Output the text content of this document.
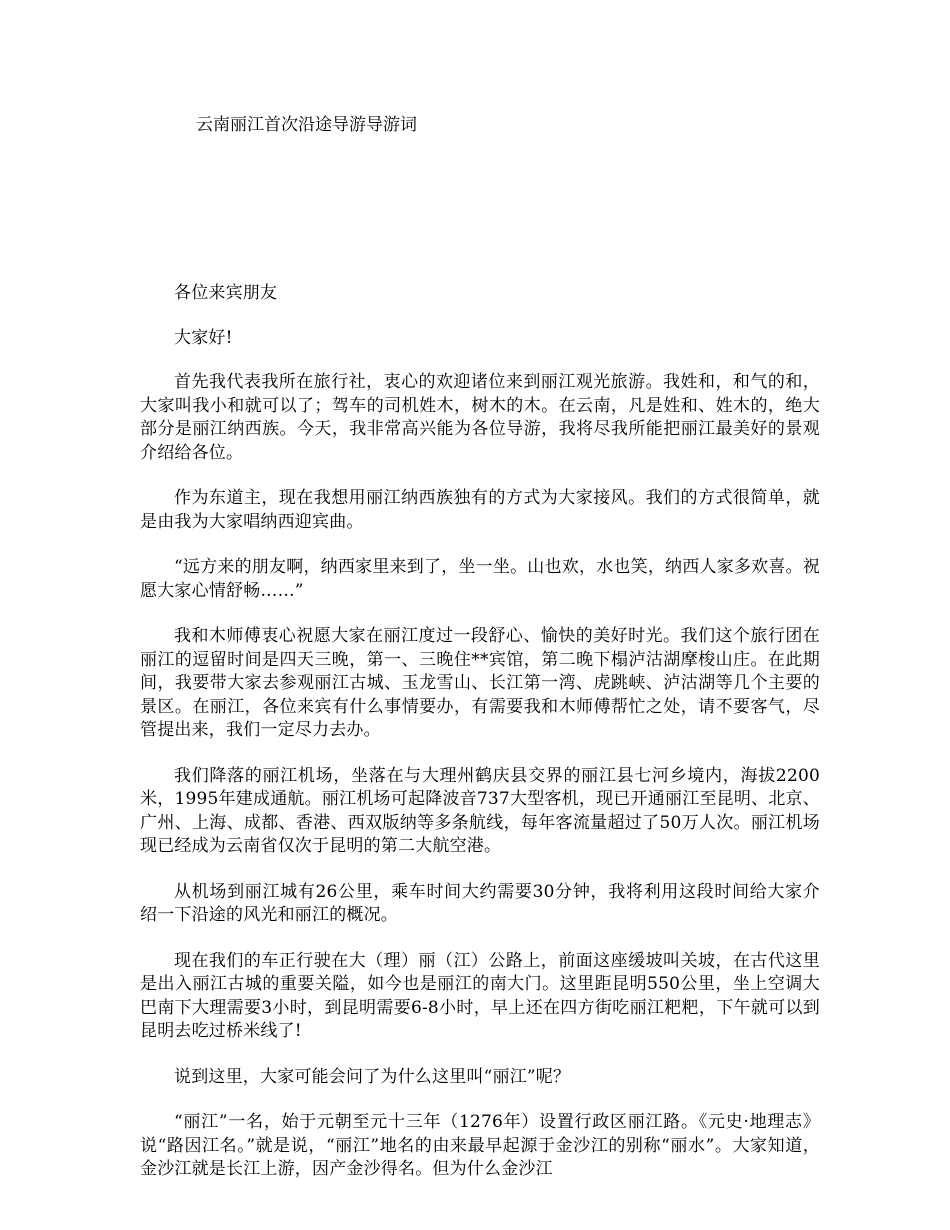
云南丽江首次沿途导游导游词

各位来宾朋友

大家好!

首先我代表我所在旅行社，衷心的欢迎诸位来到丽江观光旅游。我姓和，和气的和，大家叫我小和就可以了；驾车的司机姓木，树木的木。在云南，凡是姓和、姓木的，绝大部分是丽江纳西族。今天，我非常高兴能为各位导游，我将尽我所能把丽江最美好的景观介绍给各位。

作为东道主，现在我想用丽江纳西族独有的方式为大家接风。我们的方式很简单，就是由我为大家唱纳西迎宾曲。

“远方来的朋友啊，纳西家里来到了，坐一坐。山也欢，水也笑，纳西人家多欢喜。祝愿大家心情舒畅……”

我和木师傅衷心祝愿大家在丽江度过一段舒心、愉快的美好时光。我们这个旅行团在丽江的逗留时间是四天三晚，第一、三晚住**宾馆，第二晚下榻泸沽湖摩梭山庄。在此期间，我要带大家去参观丽江古城、玉龙雪山、长江第一湾、虎跳峡、泸沽湖等几个主要的景区。在丽江，各位来宾有什么事情要办，有需要我和木师傅帮忙之处，请不要客气，尽管提出来，我们一定尽力去办。

我们降落的丽江机场，坐落在与大理州鹤庆县交界的丽江县七河乡境内，海拔2200米，1995年建成通航。丽江机场可起降波音737大型客机，现已开通丽江至昆明、北京、广州、上海、成都、香港、西双版纳等多条航线，每年客流量超过了50万人次。丽江机场现已经成为云南省仅次于昆明的第二大航空港。

从机场到丽江城有26公里，乘车时间大约需要30分钟，我将利用这段时间给大家介绍一下沿途的风光和丽江的概况。

现在我们的车正行驶在大（理）丽（江）公路上，前面这座缓坡叫关坡，在古代这里是出入丽江古城的重要关隘，如今也是丽江的南大门。这里距昆明550公里，坐上空调大巴南下大理需要3小时，到昆明需要6-8小时，早上还在四方街吃丽江粑粑，下午就可以到昆明去吃过桥米线了!

说到这里，大家可能会问了为什么这里叫“丽江”呢？

“丽江”一名，始于元朝至元十三年（1276年）设置行政区丽江路。《元史·地理志》说“路因江名。”就是说，“丽江”地名的由来最早起源于金沙江的别称“丽水”。大家知道，金沙江就是长江上游，因产金沙得名。但为什么金沙江
